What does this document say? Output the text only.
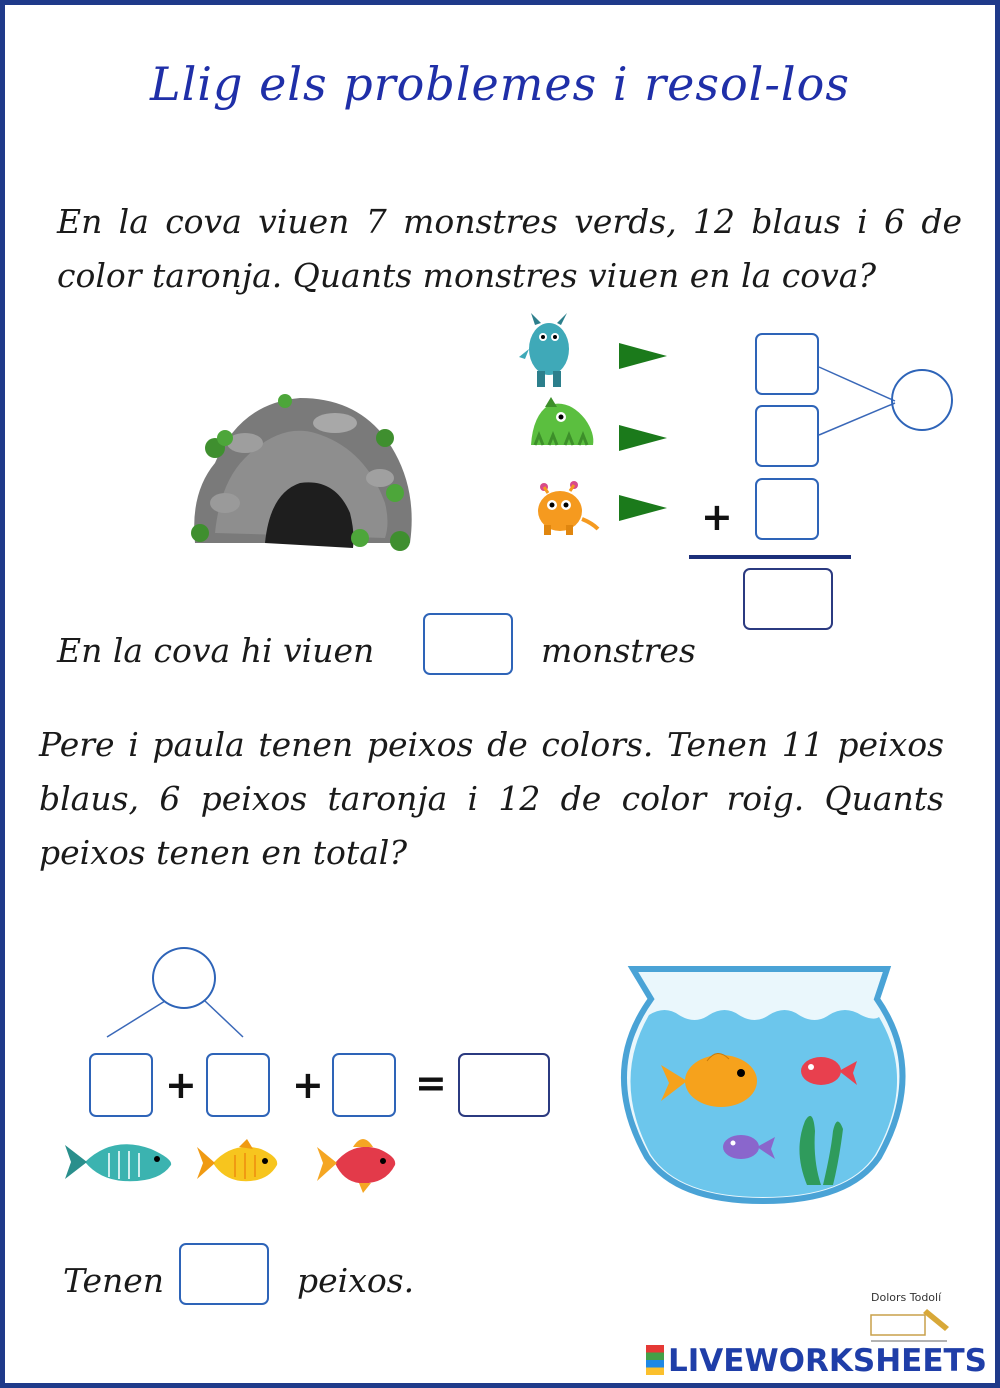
Llig els problemes i resol-los
En la cova viuen 7 monstres verds, 12 blaus i 6 de color taronja. Quants monstres viuen en la cova?
+
En la cova hi viuen	monstres
Pere i paula tenen peixos de colors. Tenen 11 peixos blaus, 6 peixos taronja i 12 de color roig. Quants peixos tenen en total?
+	+ =
Tenen	peixos.	Dolors Todolí
LIVEWORKSHEETS
